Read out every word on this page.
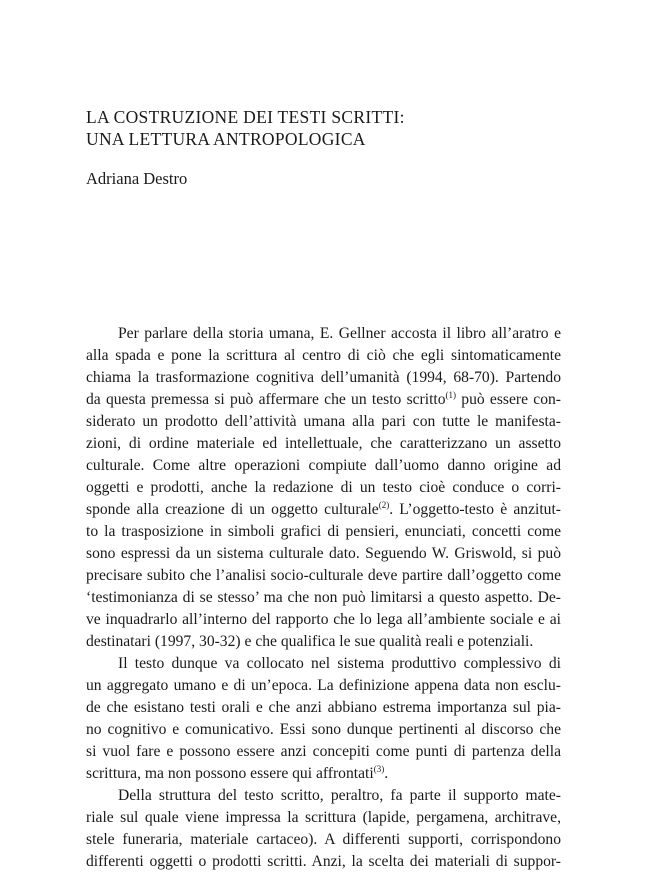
LA COSTRUZIONE DEI TESTI SCRITTI:
UNA LETTURA ANTROPOLOGICA

Adriana Destro

Per parlare della storia umana, E. Gellner accosta il libro all’aratro e
alla spada e pone la scrittura al centro di ciò che egli sintomaticamente
chiama la trasformazione cognitiva dell’umanità (1994, 68-70). Partendo
da questa premessa si può affermare che un testo scritto$^{(1)}$ può essere con-
siderato un prodotto dell’attività umana alla pari con tutte le manifesta-
zioni, di ordine materiale ed intellettuale, che caratterizzano un assetto
culturale. Come altre operazioni compiute dall’uomo danno origine ad
oggetti e prodotti, anche la redazione di un testo cioè conduce o corri-
sponde alla creazione di un oggetto culturale$^{(2)}$. L’oggetto-testo è anzitut-
to la trasposizione in simboli grafici di pensieri, enunciati, concetti come
sono espressi da un sistema culturale dato. Seguendo W. Griswold, si può
precisare subito che l’analisi socio-culturale deve partire dall’oggetto come
‘testimonianza di se stesso’ ma che non può limitarsi a questo aspetto. De-
ve inquadrarlo all’interno del rapporto che lo lega all’ambiente sociale e ai
destinatari (1997, 30-32) e che qualifica le sue qualità reali e potenziali.
Il testo dunque va collocato nel sistema produttivo complessivo di
un aggregato umano e di un’epoca. La definizione appena data non esclu-
de che esistano testi orali e che anzi abbiano estrema importanza sul pia-
no cognitivo e comunicativo. Essi sono dunque pertinenti al discorso che
si vuol fare e possono essere anzi concepiti come punti di partenza della
scrittura, ma non possono essere qui affrontati$^{(3)}$.
Della struttura del testo scritto, peraltro, fa parte il supporto mate-
riale sul quale viene impressa la scrittura (lapide, pergamena, architrave,
stele funeraria, materiale cartaceo). A differenti supporti, corrispondono
differenti oggetti o prodotti scritti. Anzi, la scelta dei materiali di suppor-
